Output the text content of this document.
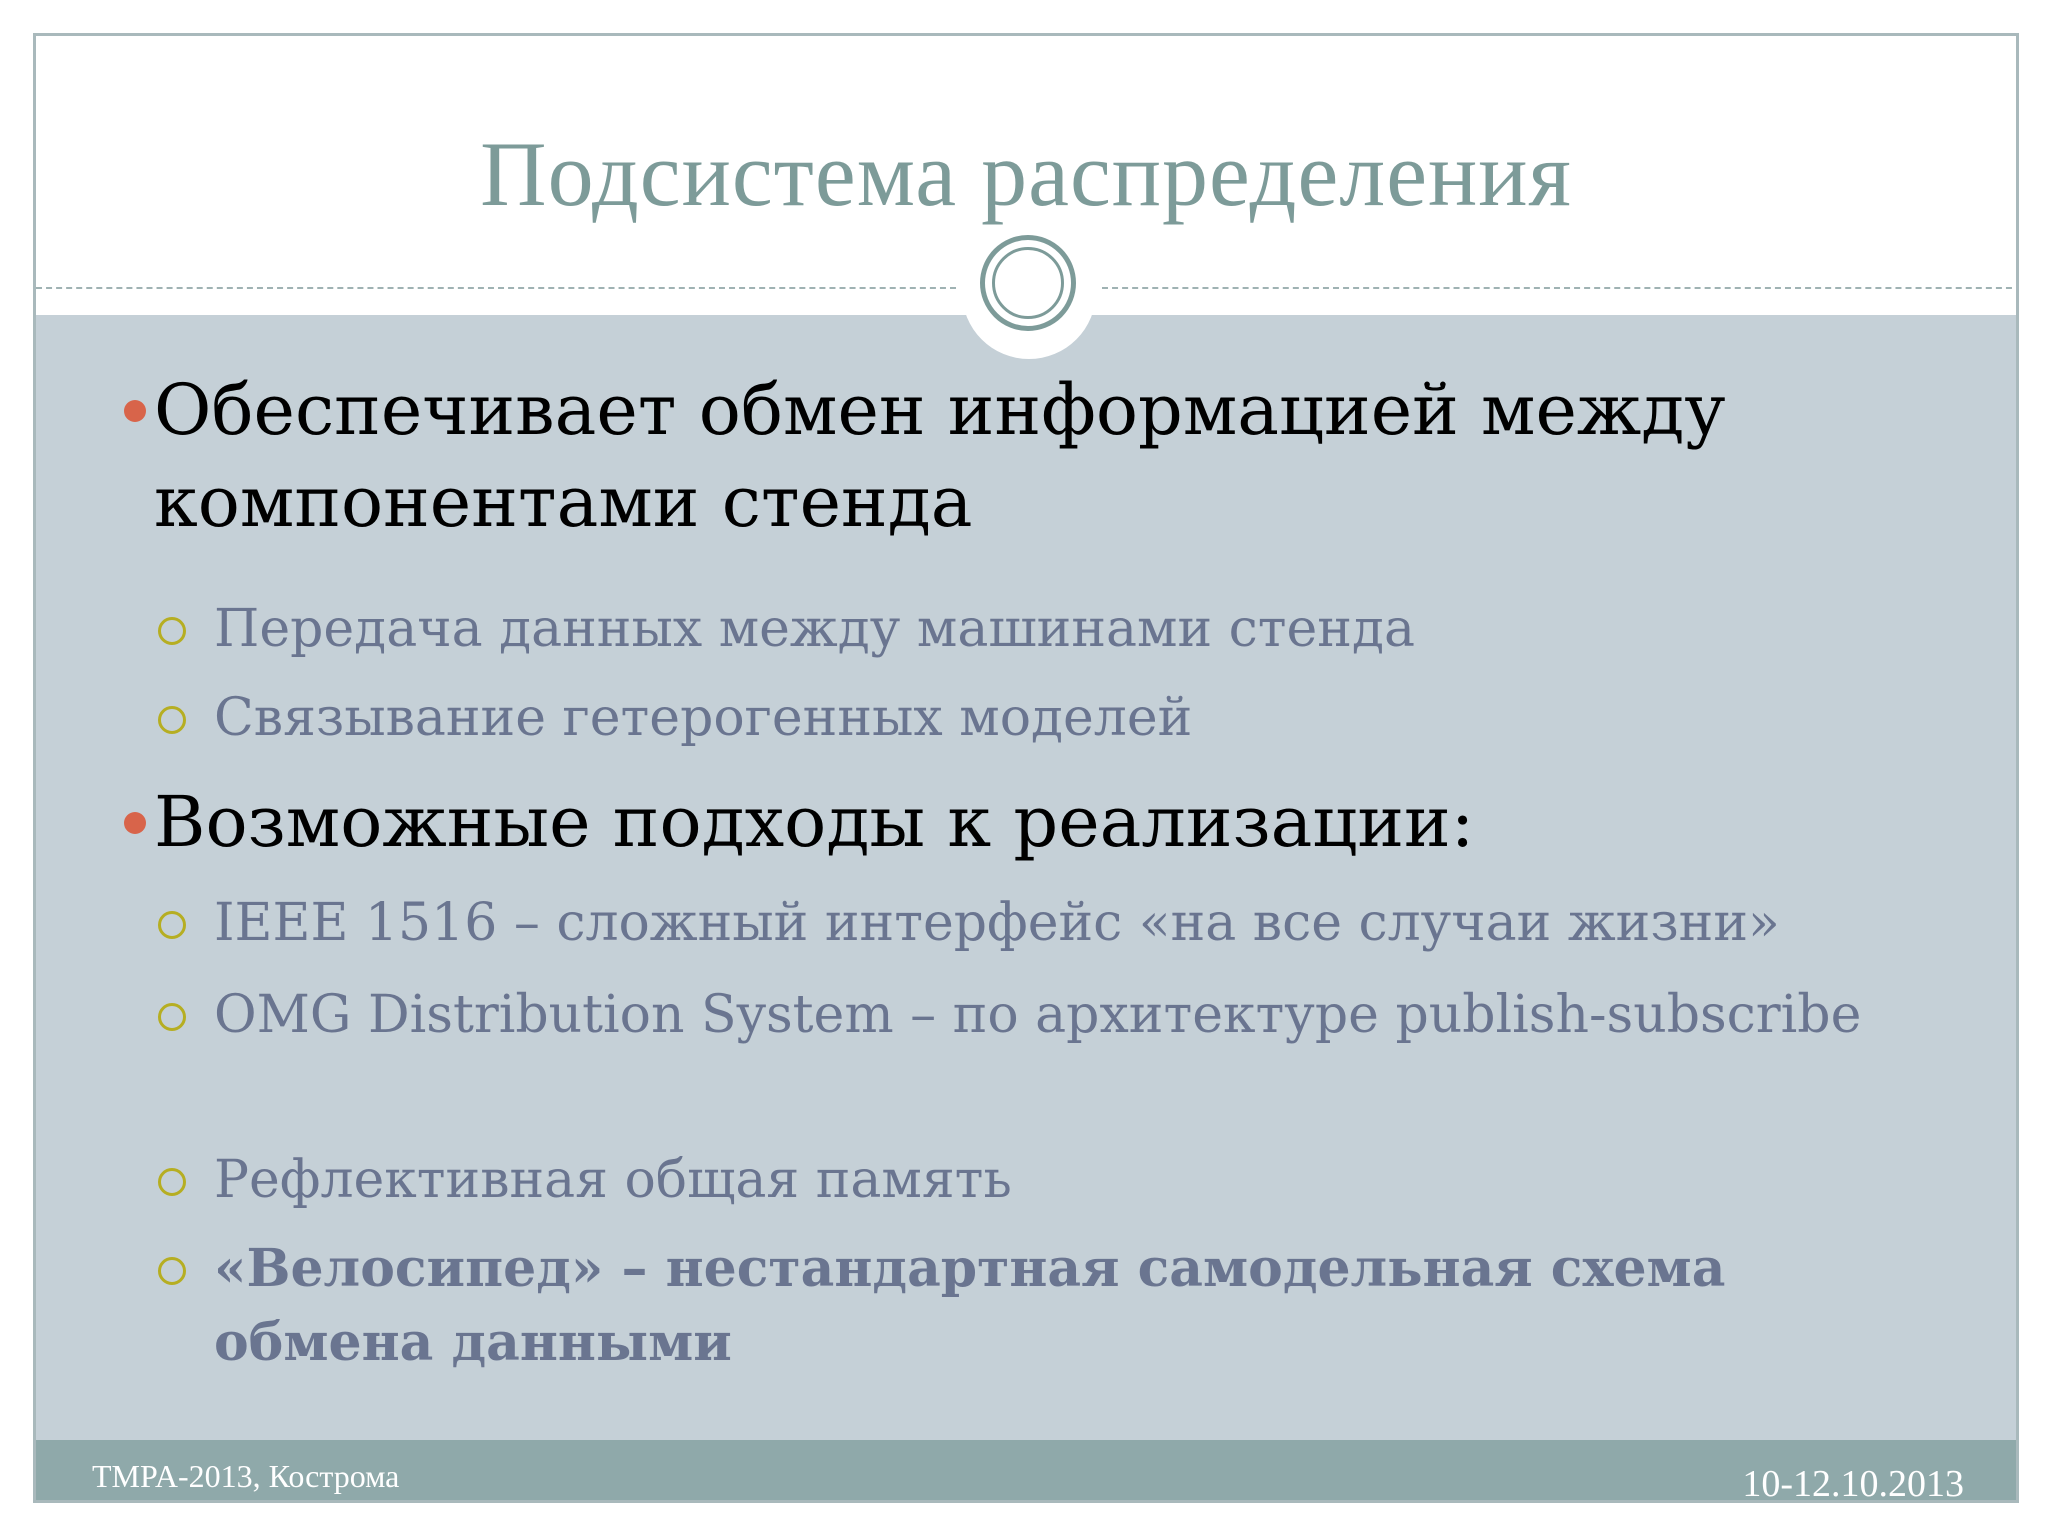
Подсистема распределения
Обеспечивает обмен информацией между компонентами стенда
Передача данных между машинами стенда
Связывание гетерогенных моделей
Возможные подходы к реализации:
IEEE 1516 – сложный интерфейс «на все случаи жизни»
OMG Distribution System – по архитектуре publish-subscribe
Рефлективная общая память
«Велосипед» – нестандартная самодельная схема обмена данными
TMPA-2013, Кострома	10-12.10.2013
